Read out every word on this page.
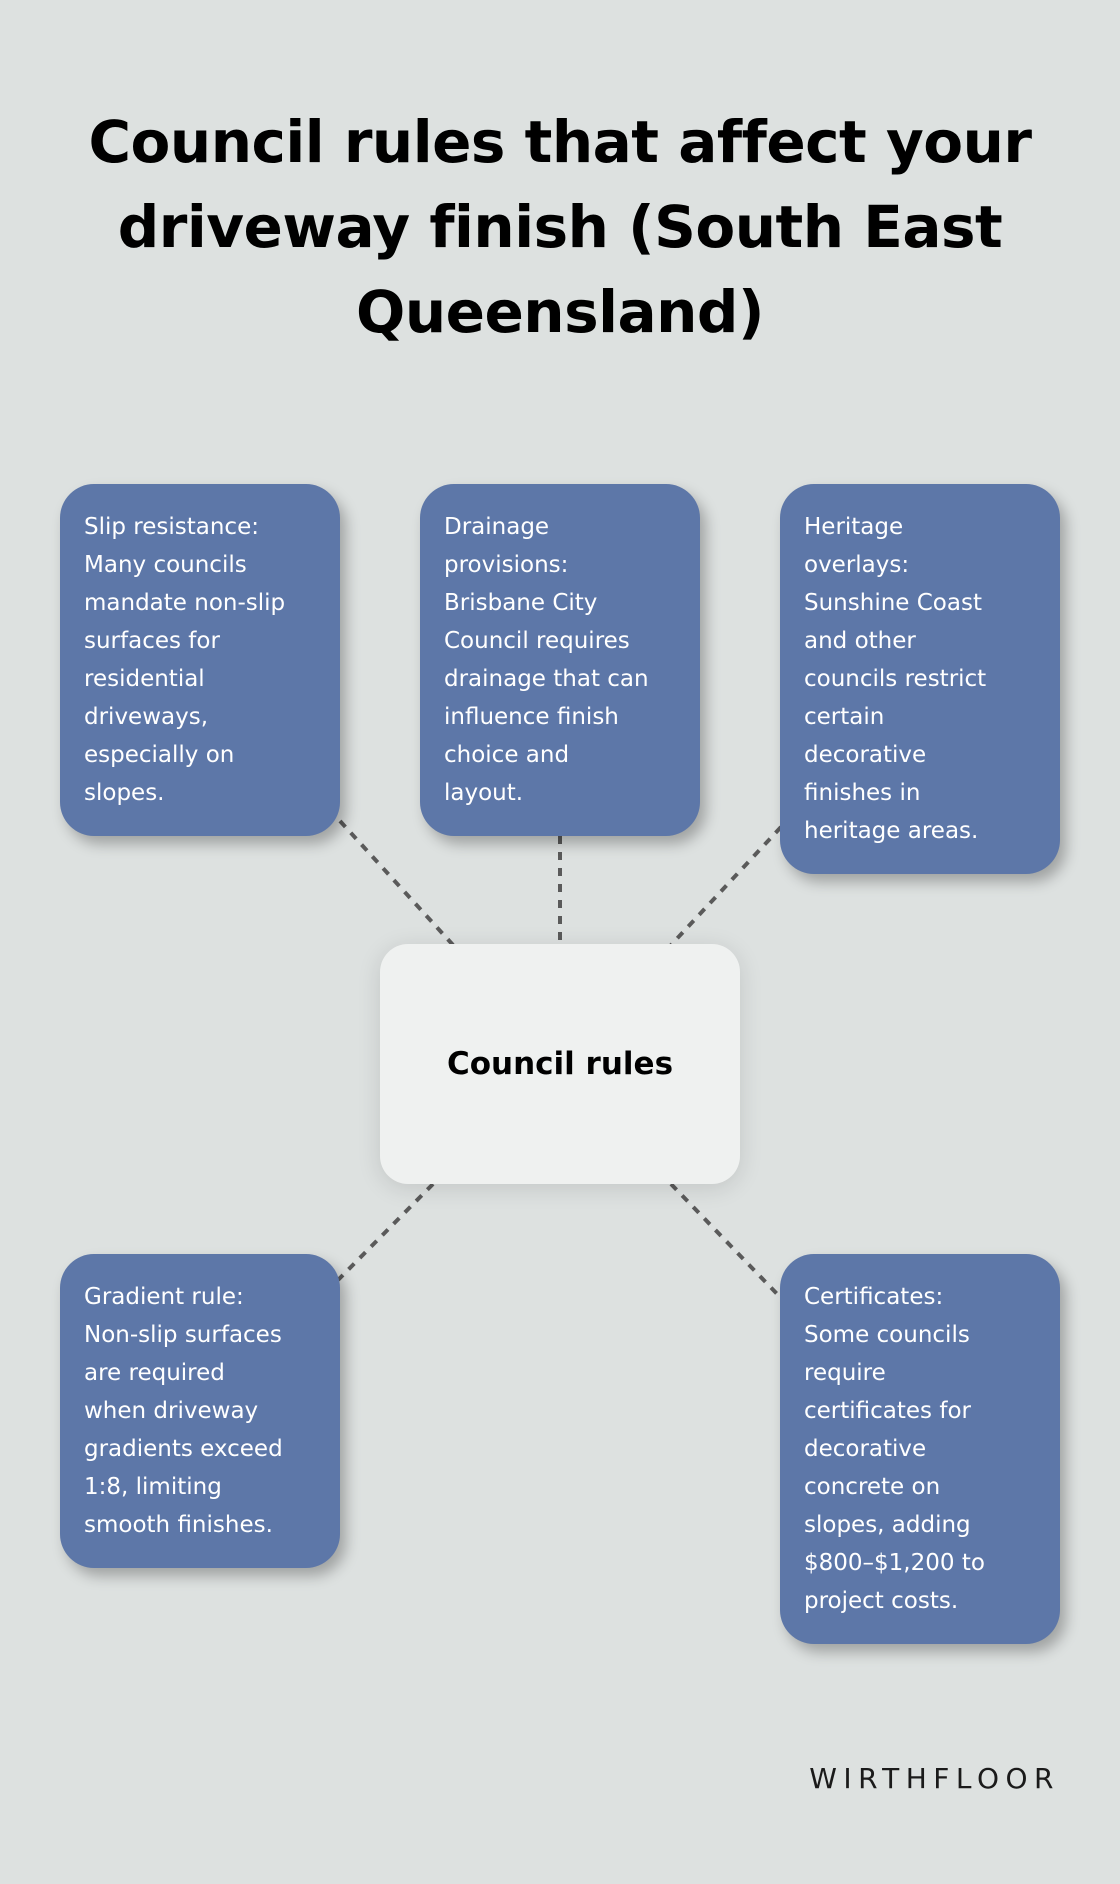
Council rules that affect your
driveway finish (South East
Queensland)
Slip resistance:
Many councils
mandate non-slip
surfaces for
residential
driveways,
especially on
slopes.
Drainage
provisions:
Brisbane City
Council requires
drainage that can
influence finish
choice and
layout.
Heritage
overlays:
Sunshine Coast
and other
councils restrict
certain
decorative
finishes in
heritage areas.
Council rules
Gradient rule:
Non-slip surfaces
are required
when driveway
gradients exceed
1:8, limiting
smooth finishes.
Certificates:
Some councils
require
certificates for
decorative
concrete on
slopes, adding
$800–$1,200 to
project costs.
WIRTHFLOOR
